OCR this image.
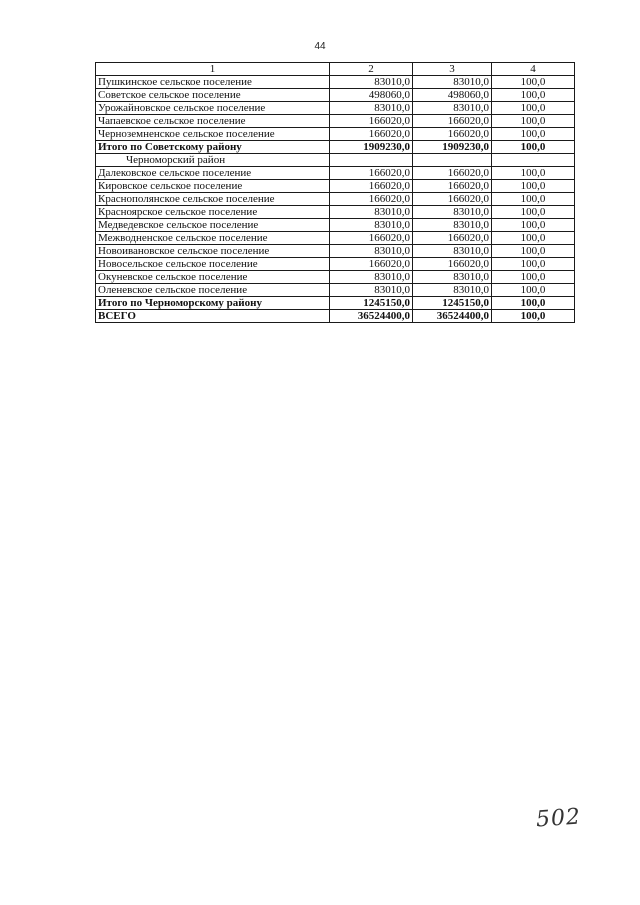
44
1	2	3	4
Пушкинское сельское поселение	83010,0	83010,0	100,0
Советское сельское поселение	498060,0	498060,0	100,0
Урожайновское сельское поселение	83010,0	83010,0	100,0
Чапаевское сельское поселение	166020,0	166020,0	100,0
Черноземненское сельское поселение	166020,0	166020,0	100,0
Итого по Советскому району	1909230,0	1909230,0	100,0
Черноморский район			
Далековское сельское поселение	166020,0	166020,0	100,0
Кировское сельское поселение	166020,0	166020,0	100,0
Краснополянское сельское поселение	166020,0	166020,0	100,0
Красноярское сельское поселение	83010,0	83010,0	100,0
Медведевское сельское поселение	83010,0	83010,0	100,0
Межводненское сельское поселение	166020,0	166020,0	100,0
Новоивановское сельское поселение	83010,0	83010,0	100,0
Новосельское сельское поселение	166020,0	166020,0	100,0
Окуневское сельское поселение	83010,0	83010,0	100,0
Оленевское сельское поселение	83010,0	83010,0	100,0
Итого по Черноморскому району	1245150,0	1245150,0	100,0
ВСЕГО	36524400,0	36524400,0	100,0
502
